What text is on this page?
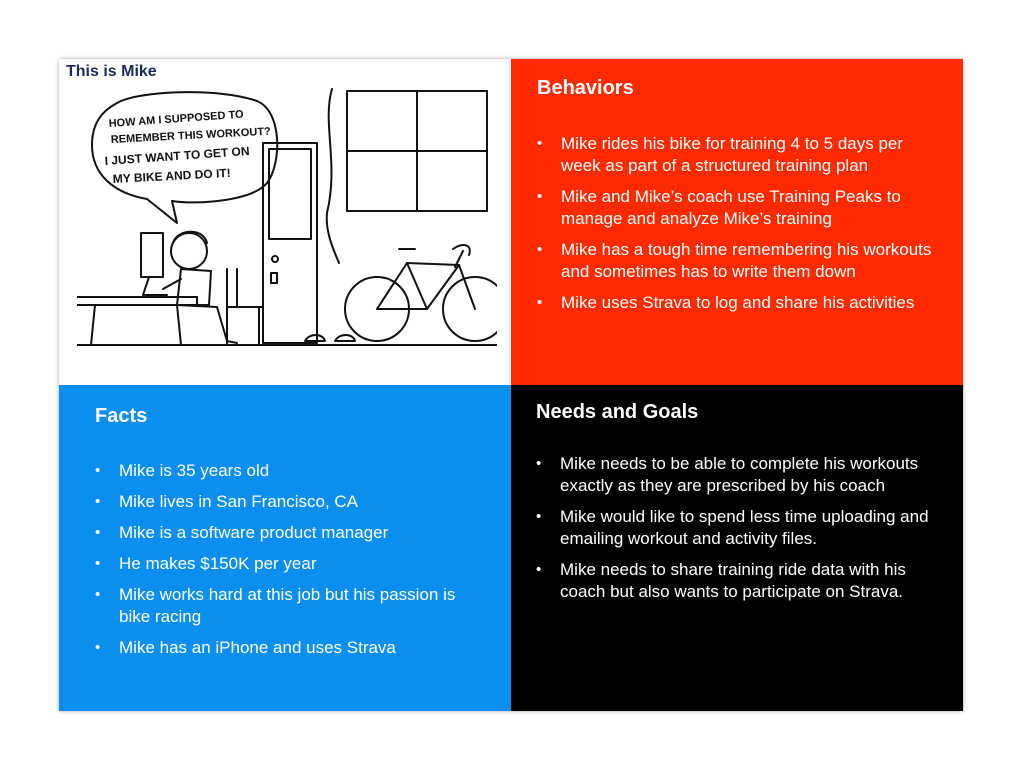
This is Mike
HOW AM I SUPPOSED TO
REMEMBER THIS WORKOUT?
I JUST WANT TO GET ON
MY BIKE AND DO IT!
Behaviors
• Mike rides his bike for training 4 to 5 days per week as part of a structured training plan
• Mike and Mike’s coach use Training Peaks to manage and analyze Mike’s training
• Mike has a tough time remembering his workouts and sometimes has to write them down
• Mike uses Strava to log and share his activities
Facts
• Mike is 35 years old
• Mike lives in San Francisco, CA
• Mike is a software product manager
• He makes $150K per year
• Mike works hard at this job but his passion is bike racing
• Mike has an iPhone and uses Strava
Needs and Goals
• Mike needs to be able to complete his workouts exactly as they are prescribed by his coach
• Mike would like to spend less time uploading and emailing workout and activity files.
• Mike needs to share training ride data with his coach but also wants to participate on Strava.
